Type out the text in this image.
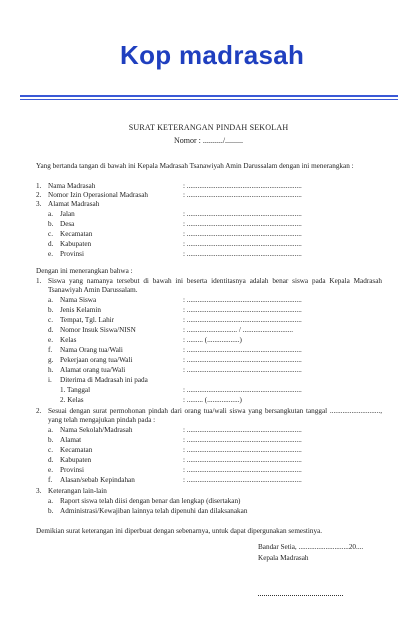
Kop madrasah
SURAT KETERANGAN PINDAH SEKOLAH
Nomor : ........../.........
Yang bertanda tangan di bawah ini Kepala Madrasah Tsanawiyah Amin Darussalam dengan ini menerangkan :
1. Nama Madrasah	: ................................................................
2. Nomor Izin Operasional Madrasah	: ................................................................
3. Alamat Madrasah
a. Jalan	: ................................................................
b. Desa	: ................................................................
c. Kecamatan	: ................................................................
d. Kabupaten	: ................................................................
e. Provinsi	: ................................................................
Dengan ini menerangkan bahwa :
1. Siswa yang namanya tersebut di bawah ini beserta identitasnya adalah benar siswa pada Kepala Madrasah Tsanawiyah Amin Darussalam.
a. Nama Siswa	: ................................................................
b. Jenis Kelamin	: ................................................................
c. Tempat, Tgl. Lahir	: ................................................................
d. Nomor Insuk Siswa/NISN	: ............................ / ............................
e. Kelas	: ......... (..................)
f. Nama Orang tua/Wali	: ................................................................
g. Pekerjaan orang tua/Wali	: ................................................................
h. Alamat orang tua/Wali	: ................................................................
i. Diterima di Madrasah ini pada
1. Tanggal	: ................................................................
2. Kelas	: ......... (..................)
2. Sesuai dengan surat permohonan pindah dari orang tua/wali siswa yang bersangkutan tanggal ............................, yang telah mengajukan pindah pada :
a. Nama Sekolah/Madrasah	: ................................................................
b. Alamat	: ................................................................
c. Kecamatan	: ................................................................
d. Kabupaten	: ................................................................
e. Provinsi	: ................................................................
f. Alasan/sebab Kepindahan	: ................................................................
3. Keterangan lain-lain
a. Raport siswa telah diisi dengan benar dan lengkap (disertakan)
b. Administrasi/Kewajiban lainnya telah dipenuhi dan dilaksanakan
Demikian surat keterangan ini diperbuat dengan sebenarnya, untuk dapat dipergunakan semestinya.
Bandar Setia, ............................20....
Kepala Madrasah
